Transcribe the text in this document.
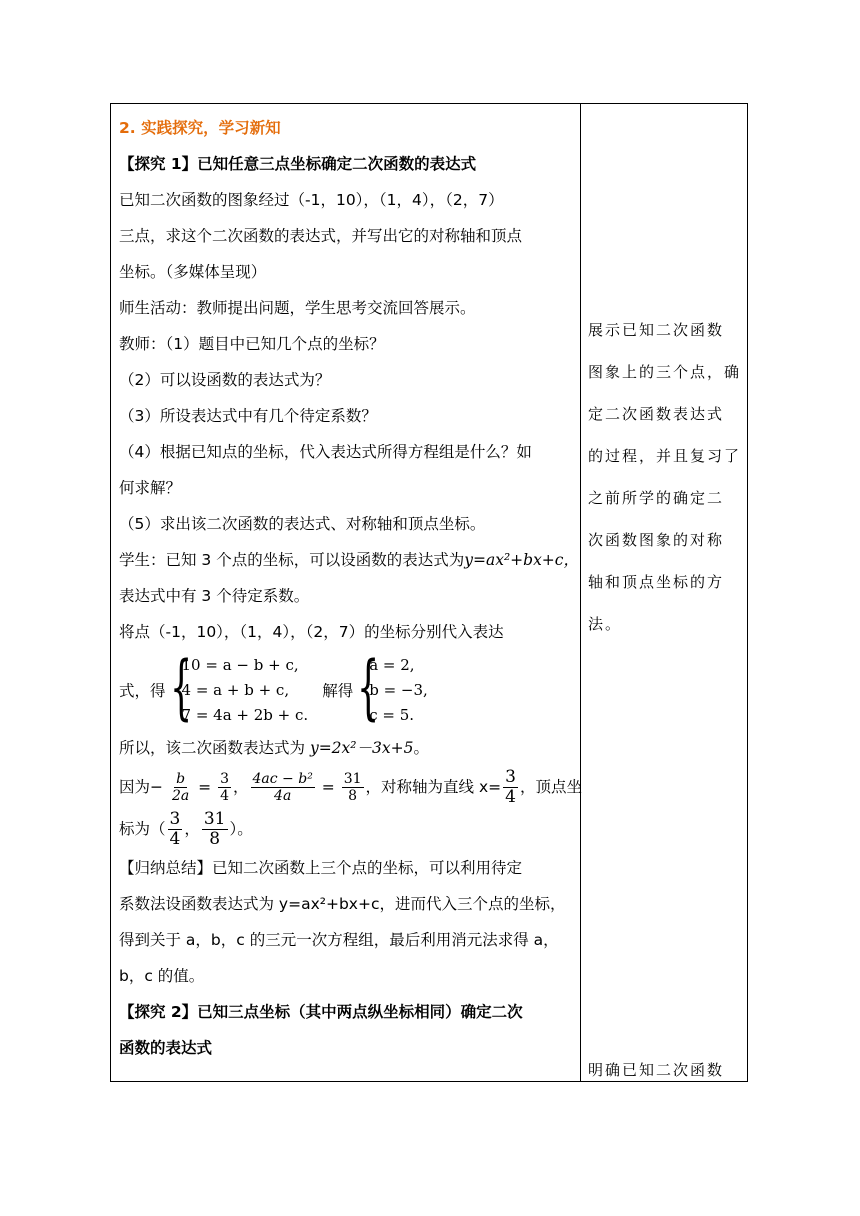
2. 实践探究，学习新知
【探究 1】已知任意三点坐标确定二次函数的表达式
已知二次函数的图象经过（-1，10），（1，4），（2，7）
三点，求这个二次函数的表达式，并写出它的对称轴和顶点
坐标。（多媒体呈现）
师生活动：教师提出问题，学生思考交流回答展示。
教师：（1）题目中已知几个点的坐标？
（2）可以设函数的表达式为？
（3）所设表达式中有几个待定系数？
（4）根据已知点的坐标，代入表达式所得方程组是什么？如
何求解？
（5）求出该二次函数的表达式、对称轴和顶点坐标。
学生：已知 3 个点的坐标，可以设函数的表达式为y=ax²+bx+c，
表达式中有 3 个待定系数。
将点（-1，10），（1，4），（2，7）的坐标分别代入表达
式，得 {
10 = a − b + c,
4 = a + b + c,
7 = 4a + 2b + c.
解得 {
a = 2,
b = −3,
c = 5.
所以，该二次函数表达式为 y=2x²－3x+5。
因为− $\frac{b}{2a} = \frac{3}{4}$ ， $\frac{\text{4ac − b²}}{4a} = \frac{31}{8}$ ，对称轴为直线 $x= \frac{3}{4}$ ，顶点坐
标为（ $\frac{3}{4}$ ， $\frac{31}{8}$ ）。
【归纳总结】已知二次函数上三个点的坐标，可以利用待定
系数法设函数表达式为 y=ax²+bx+c，进而代入三个点的坐标，
得到关于 a，b，c 的三元一次方程组，最后利用消元法求得 a，
b，c 的值。
【探究 2】已知三点坐标（其中两点纵坐标相同）确定二次
函数的表达式
展示已知二次函数
图象上的三个点，确
定二次函数表达式
的过程，并且复习了
之前所学的确定二
次函数图象的对称
轴和顶点坐标的方
法。
明确已知二次函数
